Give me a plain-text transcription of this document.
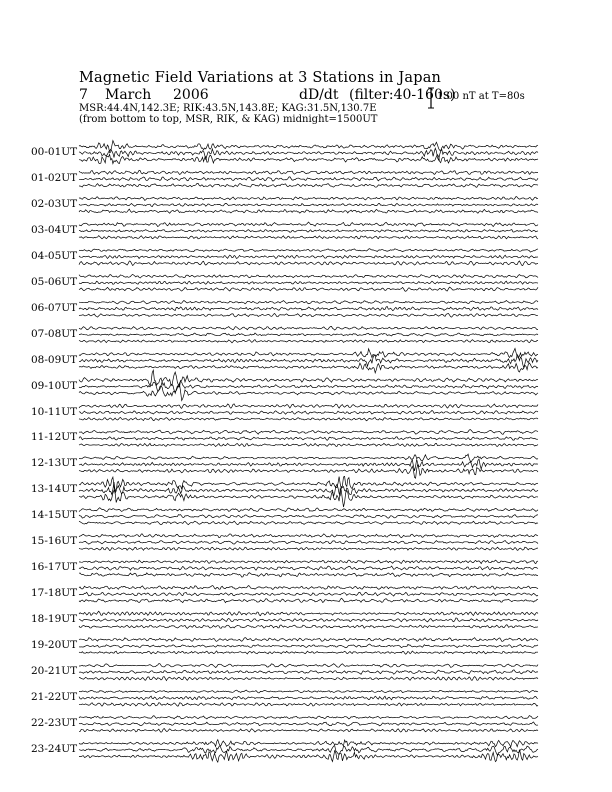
Magnetic Field Variations at 3 Stations in Japan
7	March	2006	dD/dt (filter:40-160s)
MSR:44.4N,142.3E; RIK:43.5N,143.8E; KAG:31.5N,130.7E
(from bottom to top, MSR, RIK, & KAG) midnight=1500UT
1.00 nT at T=80s
00-01UT
01-02UT
02-03UT
03-04UT
04-05UT
05-06UT
06-07UT
07-08UT
08-09UT
09-10UT
10-11UT
11-12UT
12-13UT
13-14UT
14-15UT
15-16UT
16-17UT
17-18UT
18-19UT
19-20UT
20-21UT
21-22UT
22-23UT
23-24UT
